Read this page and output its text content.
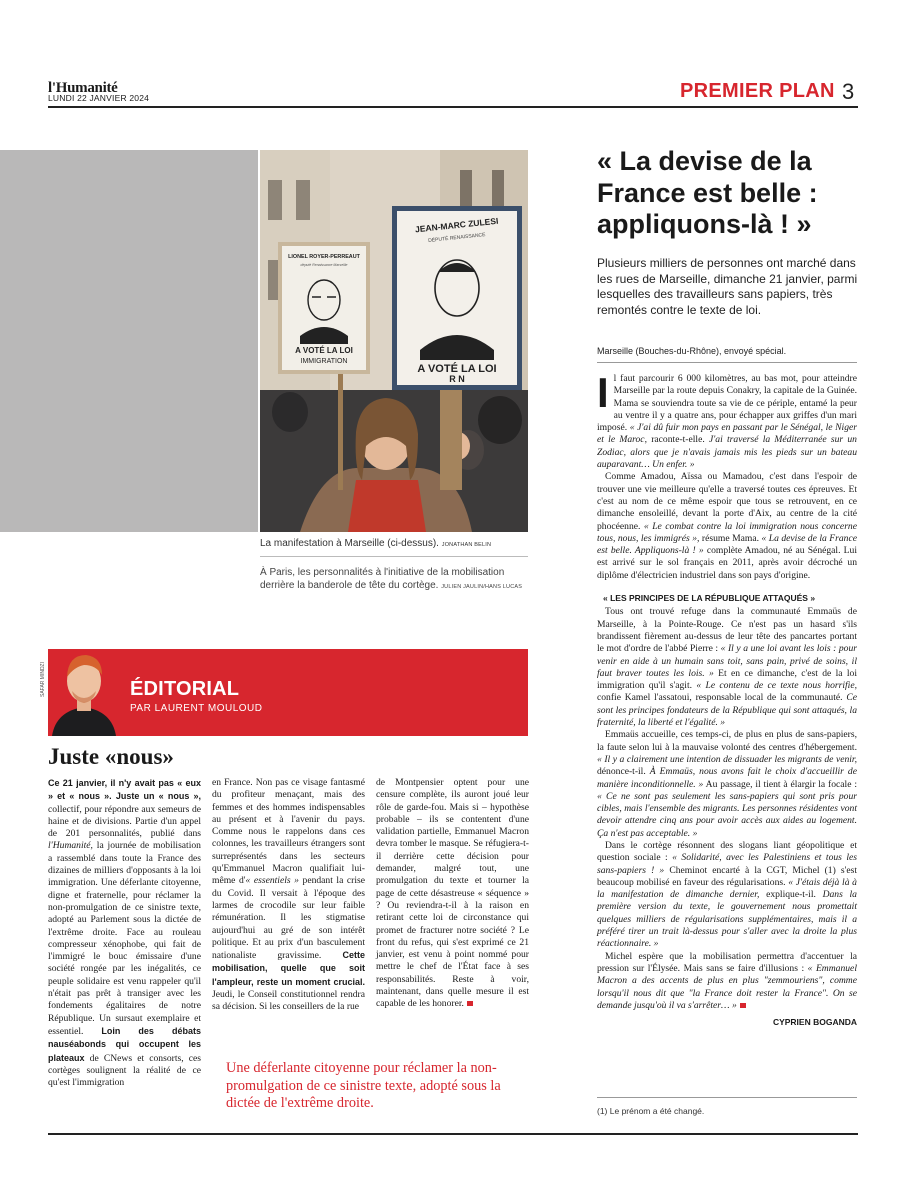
l'Humanité
LUNDI 22 JANVIER 2024	PREMIER PLAN 3
LIONEL ROYER-PERREAUT
député Renaissance Marseille
A VOTÉ LA LOI
IMMIGRATION
JEAN-MARC ZULESI
DÉPUTÉ RENAISSANCE
A VOTÉ LA LOI
R N
La manifestation à Marseille (ci-dessus). JONATHAN BELIN
À Paris, les personnalités à l'initiative de la mobilisation derrière la banderole de tête du cortège. JULIEN JAULIN/HANS LUCAS
« La devise de la France est belle : appliquons-là ! »

Plusieurs milliers de personnes ont marché dans les rues de Marseille, dimanche 21 janvier, parmi lesquelles des travailleurs sans papiers, très remontés contre le texte de loi.

Marseille (Bouches-du-Rhône), envoyé spécial.

Il faut parcourir 6 000 kilomètres, au bas mot, pour atteindre Marseille par la route depuis Conakry, la capitale de la Guinée. Mama se souviendra toute sa vie de ce périple, entamé la peur au ventre il y a quatre ans, pour échapper aux griffes d'un mari imposé. « J'ai dû fuir mon pays en passant par le Sénégal, le Niger et le Maroc, raconte-t-elle. J'ai traversé la Méditerranée sur un Zodiac, alors que je n'avais jamais mis les pieds sur un bateau auparavant… Un enfer. »

Comme Amadou, Aïssa ou Mamadou, c'est dans l'espoir de trouver une vie meilleure qu'elle a traversé toutes ces épreuves. Et c'est au nom de ce même espoir que tous se retrouvent, en ce dimanche ensoleillé, devant la porte d'Aix, au centre de la cité phocéenne. « Le combat contre la loi immigration nous concerne tous, nous, les immigrés », résume Mama. « La devise de la France est belle. Appliquons-là ! » complète Amadou, né au Sénégal. Lui est arrivé sur le sol français en 2011, après avoir décroché un diplôme d'électricien industriel dans son pays d'origine.

« LES PRINCIPES DE LA RÉPUBLIQUE ATTAQUÉS »

Tous ont trouvé refuge dans la communauté Emmaüs de Marseille, à la Pointe-Rouge. Ce n'est pas un hasard s'ils brandissent fièrement au-dessus de leur tête des pancartes portant le mot d'ordre de l'abbé Pierre : « Il y a une loi avant les lois : pour venir en aide à un humain sans toit, sans pain, privé de soins, il faut braver toutes les lois. » Et en ce dimanche, c'est de la loi immigration qu'il s'agit. « Le contenu de ce texte nous horrifie, confie Kamel l'assatoui, responsable local de la communauté. Ce sont les principes fondateurs de la République qui sont attaqués, la fraternité, la liberté et l'égalité. »

Emmaüs accueille, ces temps-ci, de plus en plus de sans-papiers, la faute selon lui à la mauvaise volonté des centres d'hébergement. « Il y a clairement une intention de dissuader les migrants de venir, dénonce-t-il. À Emmaüs, nous avons fait le choix d'accueillir de manière inconditionnelle. » Au passage, il tient à élargir la focale : « Ce ne sont pas seulement les sans-papiers qui sont pris pour cibles, mais l'ensemble des migrants. Les personnes résidentes vont devoir attendre cinq ans pour avoir accès aux aides au logement. Ça n'est pas acceptable. »

Dans le cortège résonnent des slogans liant géopolitique et question sociale : « Solidarité, avec les Palestiniens et tous les sans-papiers ! » Cheminot encarté à la CGT, Michel (1) s'est beaucoup mobilisé en faveur des régularisations. « J'étais déjà là à la manifestation de dimanche dernier, explique-t-il. Dans la première version du texte, le gouvernement nous promettait quelques milliers de régularisations supplémentaires, mais il a préféré tirer un trait là-dessus pour s'aller avec la droite la plus réactionnaire. »

Michel espère que la mobilisation permettra d'accentuer la pression sur l'Élysée. Mais sans se faire d'illusions : « Emmanuel Macron a des accents de plus en plus "zemmouriens", comme lorsqu'il nous dit que "la France doit rester la France". On se demande jusqu'où il va s'arrêter… »

CYPRIEN BOGANDA

(1) Le prénom a été changé.
SAFAR MINDZI	ÉDITORIAL
PAR LAURENT MOULOUD
Juste «nous»
Ce 21 janvier, il n'y avait pas « eux » et « nous ». Juste un « nous », collectif, pour répondre aux semeurs de haine et de divisions. Partie d'un appel de 201 personnalités, publié dans l'Humanité, la journée de mobilisation a rassemblé dans toute la France des dizaines de milliers d'opposants à la loi immigration. Une déferlante citoyenne, digne et fraternelle, pour réclamer la non-promulgation de ce sinistre texte, adopté au Parlement sous la dictée de l'extrême droite. Face au rouleau compresseur xénophobe, qui fait de l'immigré le bouc émissaire d'une société rongée par les inégalités, ce peuple solidaire est venu rappeler qu'il n'était pas prêt à transiger avec les fondements égalitaires de notre République. Un sursaut exemplaire et essentiel. Loin des débats nauséabonds qui occupent les plateaux de CNews et consorts, ces cortèges soulignent la réalité de ce qu'est l'immigration
en France. Non pas ce visage fantasmé du profiteur menaçant, mais des femmes et des hommes indispensables au présent et à l'avenir du pays. Comme nous le rappelons dans ces colonnes, les travailleurs étrangers sont surreprésentés dans les secteurs qu'Emmanuel Macron qualifiait lui-même d'« essentiels » pendant la crise du Covid. Il versait à l'époque des larmes de crocodile sur leur faible rémunération. Il les stigmatise aujourd'hui au gré de son intérêt politique. Et au prix d'un basculement nationaliste gravissime. Cette mobilisation, quelle que soit l'ampleur, reste un moment crucial. Jeudi, le Conseil constitutionnel rendra sa décision. Si les conseillers de la rue
de Montpensier optent pour une censure complète, ils auront joué leur rôle de garde-fou. Mais si – hypothèse probable – ils se contentent d'une validation partielle, Emmanuel Macron devra tomber le masque. Se réfugiera-t-il derrière cette décision pour demander, malgré tout, une promulgation du texte et tourner la page de cette désastreuse « séquence » ? Ou reviendra-t-il à la raison en retirant cette loi de circonstance qui promet de fracturer notre société ? Le front du refus, qui s'est exprimé ce 21 janvier, est venu à point nommé pour mettre le chef de l'État face à ses responsabilités. Reste à voir, maintenant, dans quelle mesure il est capable de les honorer.
Une déferlante citoyenne pour réclamer la non-promulgation de ce sinistre texte, adopté sous la dictée de l'extrême droite.
